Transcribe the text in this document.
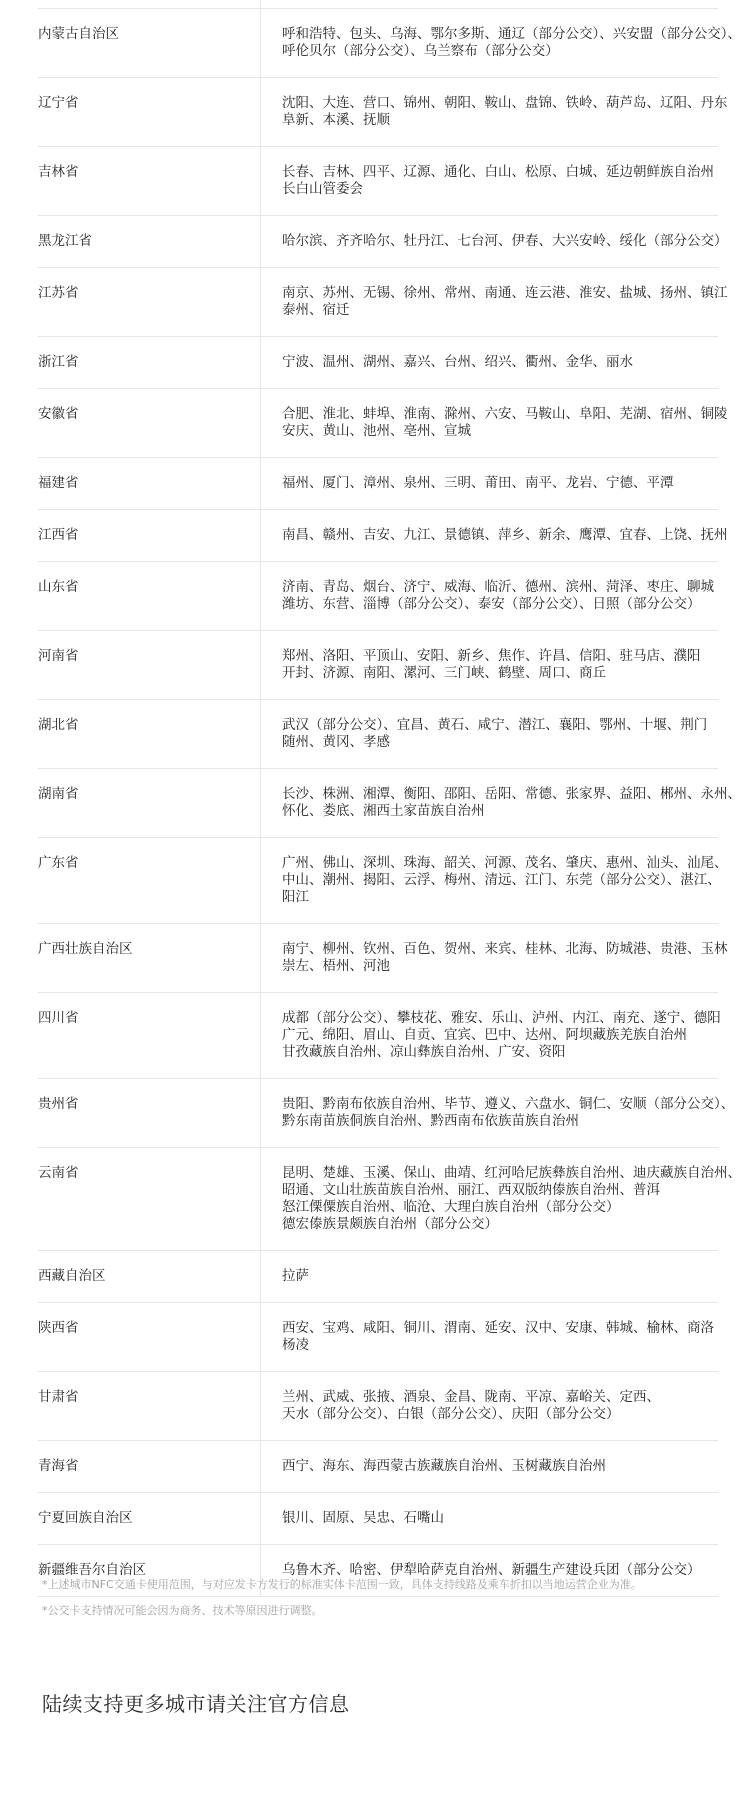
内蒙古自治区	呼和浩特、包头、乌海、鄂尔多斯、通辽（部分公交）、兴安盟（部分公交）、
呼伦贝尔（部分公交）、乌兰察布（部分公交）
辽宁省	沈阳、大连、营口、锦州、朝阳、鞍山、盘锦、铁岭、葫芦岛、辽阳、丹东
阜新、本溪、抚顺
吉林省	长春、吉林、四平、辽源、通化、白山、松原、白城、延边朝鲜族自治州
长白山管委会
黑龙江省	哈尔滨、齐齐哈尔、牡丹江、七台河、伊春、大兴安岭、绥化（部分公交）
江苏省	南京、苏州、无锡、徐州、常州、南通、连云港、淮安、盐城、扬州、镇江
泰州、宿迁
浙江省	宁波、温州、湖州、嘉兴、台州、绍兴、衢州、金华、丽水
安徽省	合肥、淮北、蚌埠、淮南、滁州、六安、马鞍山、阜阳、芜湖、宿州、铜陵
安庆、黄山、池州、亳州、宣城
福建省	福州、厦门、漳州、泉州、三明、莆田、南平、龙岩、宁德、平潭
江西省	南昌、赣州、吉安、九江、景德镇、萍乡、新余、鹰潭、宜春、上饶、抚州
山东省	济南、青岛、烟台、济宁、威海、临沂、德州、滨州、菏泽、枣庄、聊城
潍坊、东营、淄博（部分公交）、泰安（部分公交）、日照（部分公交）
河南省	郑州、洛阳、平顶山、安阳、新乡、焦作、许昌、信阳、驻马店、濮阳
开封、济源、南阳、漯河、三门峡、鹤壁、周口、商丘
湖北省	武汉（部分公交）、宜昌、黄石、咸宁、潜江、襄阳、鄂州、十堰、荆门
随州、黄冈、孝感
湖南省	长沙、株洲、湘潭、衡阳、邵阳、岳阳、常德、张家界、益阳、郴州、永州、
怀化、娄底、湘西土家苗族自治州
广东省	广州、佛山、深圳、珠海、韶关、河源、茂名、肇庆、惠州、汕头、汕尾、
中山、潮州、揭阳、云浮、梅州、清远、江门、东莞（部分公交）、湛江、
阳江
广西壮族自治区	南宁、柳州、钦州、百色、贺州、来宾、桂林、北海、防城港、贵港、玉林
崇左、梧州、河池
四川省	成都（部分公交）、攀枝花、雅安、乐山、泸州、内江、南充、遂宁、德阳
广元、绵阳、眉山、自贡、宜宾、巴中、达州、阿坝藏族羌族自治州
甘孜藏族自治州、凉山彝族自治州、广安、资阳
贵州省	贵阳、黔南布依族自治州、毕节、遵义、六盘水、铜仁、安顺（部分公交）、
黔东南苗族侗族自治州、黔西南布依族苗族自治州
云南省	昆明、楚雄、玉溪、保山、曲靖、红河哈尼族彝族自治州、迪庆藏族自治州、
昭通、文山壮族苗族自治州、丽江、西双版纳傣族自治州、普洱
怒江傈僳族自治州、临沧、大理白族自治州（部分公交）
德宏傣族景颇族自治州（部分公交）
西藏自治区	拉萨
陕西省	西安、宝鸡、咸阳、铜川、渭南、延安、汉中、安康、韩城、榆林、商洛
杨凌
甘肃省	兰州、武威、张掖、酒泉、金昌、陇南、平凉、嘉峪关、定西、
天水（部分公交）、白银（部分公交）、庆阳（部分公交）
青海省	西宁、海东、海西蒙古族藏族自治州、玉树藏族自治州
宁夏回族自治区	银川、固原、吴忠、石嘴山
新疆维吾尔自治区	乌鲁木齐、哈密、伊犁哈萨克自治州、新疆生产建设兵团（部分公交）
*上述城市NFC交通卡使用范围，与对应发卡方发行的标准实体卡范围一致，具体支持线路及乘车折扣以当地运营企业为准。
*公交卡支持情况可能会因为商务、技术等原因进行调整。
陆续支持更多城市请关注官方信息
